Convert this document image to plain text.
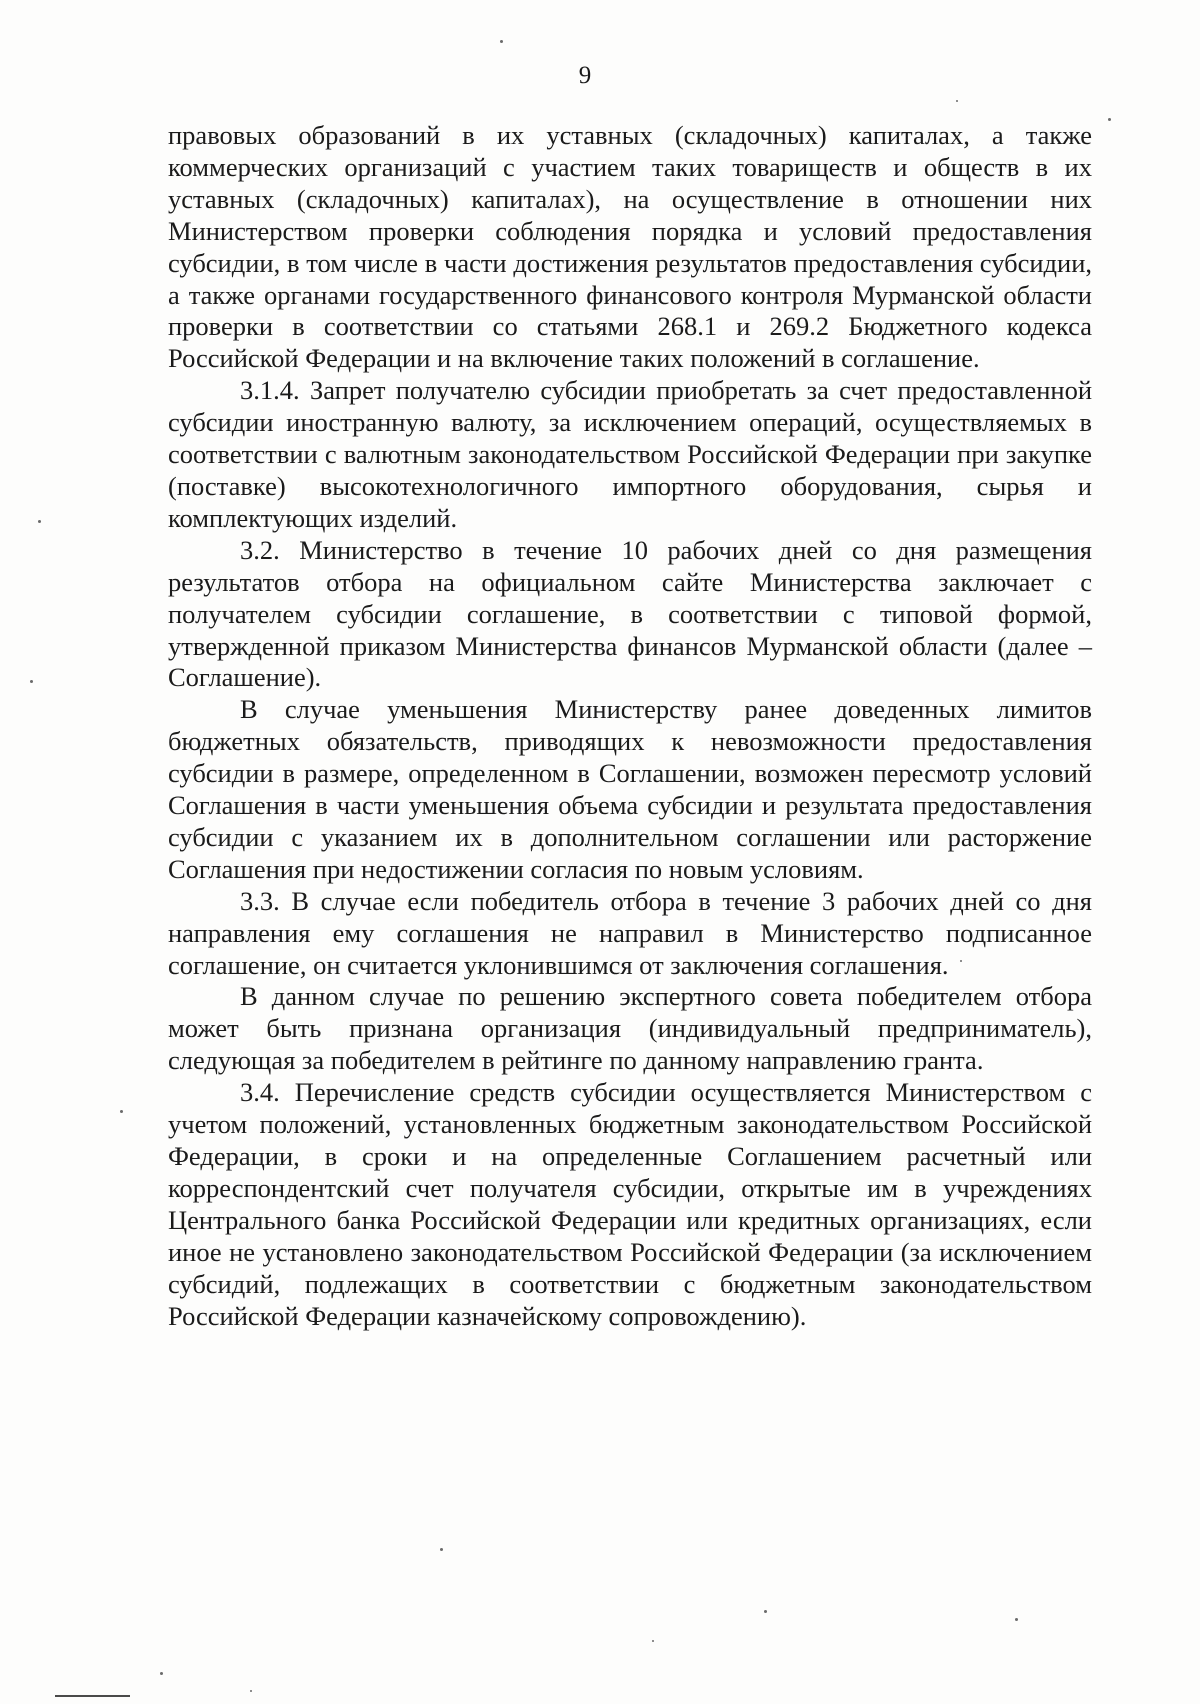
9

правовых образований в их уставных (складочных) капиталах, а также коммерческих организаций с участием таких товариществ и обществ в их уставных (складочных) капиталах), на осуществление в отношении них Министерством проверки соблюдения порядка и условий предоставления субсидии, в том числе в части достижения результатов предоставления субсидии, а также органами государственного финансового контроля Мурманской области проверки в соответствии со статьями 268.1 и 269.2 Бюджетного кодекса Российской Федерации и на включение таких положений в соглашение.

3.1.4. Запрет получателю субсидии приобретать за счет предоставленной субсидии иностранную валюту, за исключением операций, осуществляемых в соответствии с валютным законодательством Российской Федерации при закупке (поставке) высокотехнологичного импортного оборудования, сырья и комплектующих изделий.

3.2. Министерство в течение 10 рабочих дней со дня размещения результатов отбора на официальном сайте Министерства заключает с получателем субсидии соглашение, в соответствии с типовой формой, утвержденной приказом Министерства финансов Мурманской области (далее – Соглашение).

В случае уменьшения Министерству ранее доведенных лимитов бюджетных обязательств, приводящих к невозможности предоставления субсидии в размере, определенном в Соглашении, возможен пересмотр условий Соглашения в части уменьшения объема субсидии и результата предоставления субсидии с указанием их в дополнительном соглашении или расторжение Соглашения при недостижении согласия по новым условиям.

3.3. В случае если победитель отбора в течение 3 рабочих дней со дня направления ему соглашения не направил в Министерство подписанное соглашение, он считается уклонившимся от заключения соглашения.

В данном случае по решению экспертного совета победителем отбора может быть признана организация (индивидуальный предприниматель), следующая за победителем в рейтинге по данному направлению гранта.

3.4. Перечисление средств субсидии осуществляется Министерством с учетом положений, установленных бюджетным законодательством Российской Федерации, в сроки и на определенные Соглашением расчетный или корреспондентский счет получателя субсидии, открытые им в учреждениях Центрального банка Российской Федерации или кредитных организациях, если иное не установлено законодательством Российской Федерации (за исключением субсидий, подлежащих в соответствии с бюджетным законодательством Российской Федерации казначейскому сопровождению).
